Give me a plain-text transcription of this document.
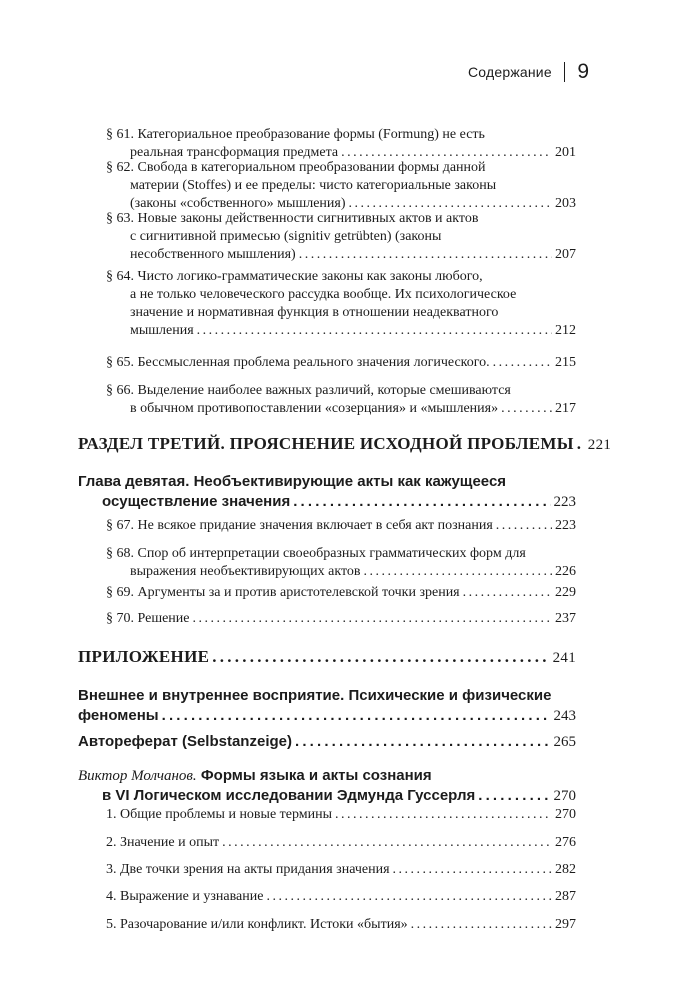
Содержание 9
§ 61. Категориальное преобразование формы (Formung) не есть
реальная трансформация предмета . . .	201
§ 62. Свобода в категориальном преобразовании формы данной
материи (Stoffes) и ее пределы: чисто категориальные законы
(законы «собственного» мышления) . . .	203
§ 63. Новые законы действенности сигнитивных актов и актов
с сигнитивной примесью (signitiv getrübten) (законы
несобственного мышления) . . .	207
§ 64. Чисто логико-грамматические законы как законы любого,
а не только человеческого рассудка вообще. Их психологическое
значение и нормативная функция в отношении неадекватного
мышления . . .	212
§ 65. Бессмысленная проблема реального значения логического. . . .	215
§ 66. Выделение наиболее важных различий, которые смешиваются
в обычном противопоставлении «созерцания» и «мышления» . . .	217
РАЗДЕЛ ТРЕТИЙ. ПРОЯСНЕНИЕ ИСХОДНОЙ ПРОБЛЕМЫ . . . 221
Глава девятая. Необъективирующие акты как кажущееся
осуществление значения . . .	223
§ 67. Не всякое придание значения включает в себя акт познания . . .	223
§ 68. Спор об интерпретации своеобразных грамматических форм для
выражения необъективирующих актов . . .	226
§ 69. Аргументы за и против аристотелевской точки зрения . . .	229
§ 70. Решение . . .	237
ПРИЛОЖЕНИЕ . . .	241
Внешнее и внутреннее восприятие. Психические и физические
феномены . . .	243
Автореферат (Selbstanzeige) . . .	265
Виктор Молчанов. Формы языка и акты сознания
в VI Логическом исследовании Эдмунда Гуссерля . . .	270
1. Общие проблемы и новые термины . . .	270
2. Значение и опыт . . .	276
3. Две точки зрения на акты придания значения . . .	282
4. Выражение и узнавание . . .	287
5. Разочарование и/или конфликт. Истоки «бытия» . . .	297
